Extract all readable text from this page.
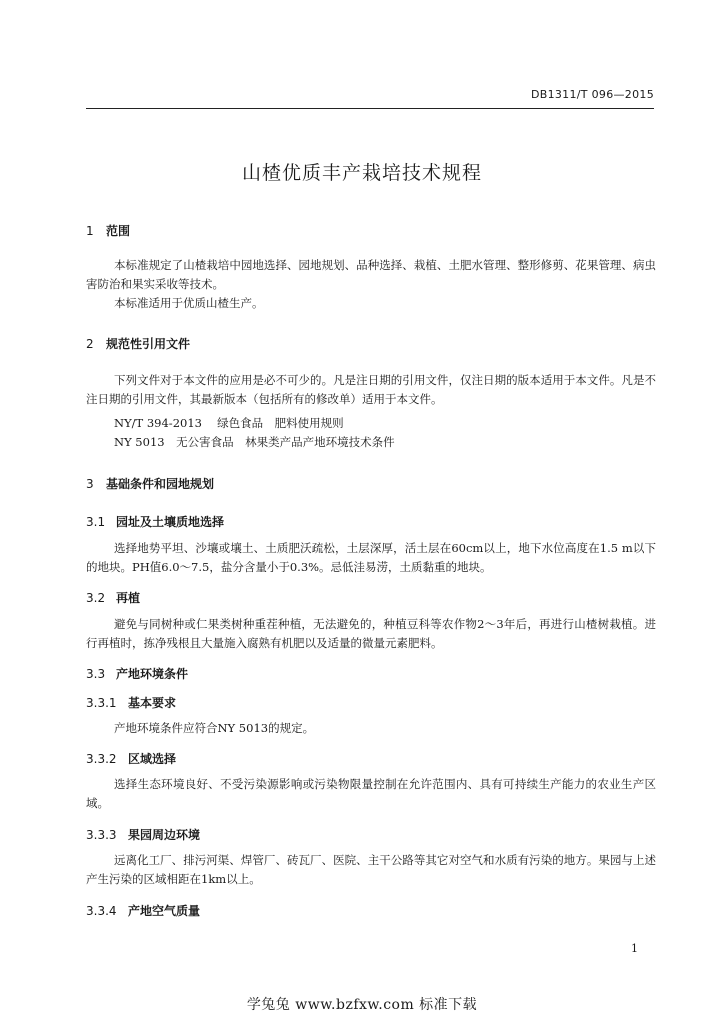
DB1311/T 096—2015
山楂优质丰产栽培技术规程
1 范围
本标准规定了山楂栽培中园地选择、园地规划、品种选择、栽植、土肥水管理、整形修剪、花果管理、病虫害防治和果实采收等技术。
本标准适用于优质山楂生产。
2 规范性引用文件
下列文件对于本文件的应用是必不可少的。凡是注日期的引用文件，仅注日期的版本适用于本文件。凡是不注日期的引用文件，其最新版本（包括所有的修改单）适用于本文件。
NY/T 394-2013　 绿色食品　肥料使用规则
NY 5013　无公害食品　林果类产品产地环境技术条件
3 基础条件和园地规划
3.1 园址及土壤质地选择
选择地势平坦、沙壤或壤土、土质肥沃疏松，土层深厚，活土层在60cm以上，地下水位高度在1.5 m以下的地块。PH值6.0～7.5，盐分含量小于0.3%。忌低洼易涝，土质黏重的地块。
3.2 再植
避免与同树种或仁果类树种重茬种植，无法避免的，种植豆科等农作物2～3年后，再进行山楂树栽植。进行再植时，拣净残根且大量施入腐熟有机肥以及适量的微量元素肥料。
3.3 产地环境条件
3.3.1 基本要求
产地环境条件应符合NY 5013的规定。
3.3.2 区域选择
选择生态环境良好、不受污染源影响或污染物限量控制在允许范围内、具有可持续生产能力的农业生产区域。
3.3.3 果园周边环境
远离化工厂、排污河渠、焊管厂、砖瓦厂、医院、主干公路等其它对空气和水质有污染的地方。果园与上述产生污染的区域相距在1km以上。
3.3.4 产地空气质量
1
学兔兔 www.bzfxw.com 标准下载
